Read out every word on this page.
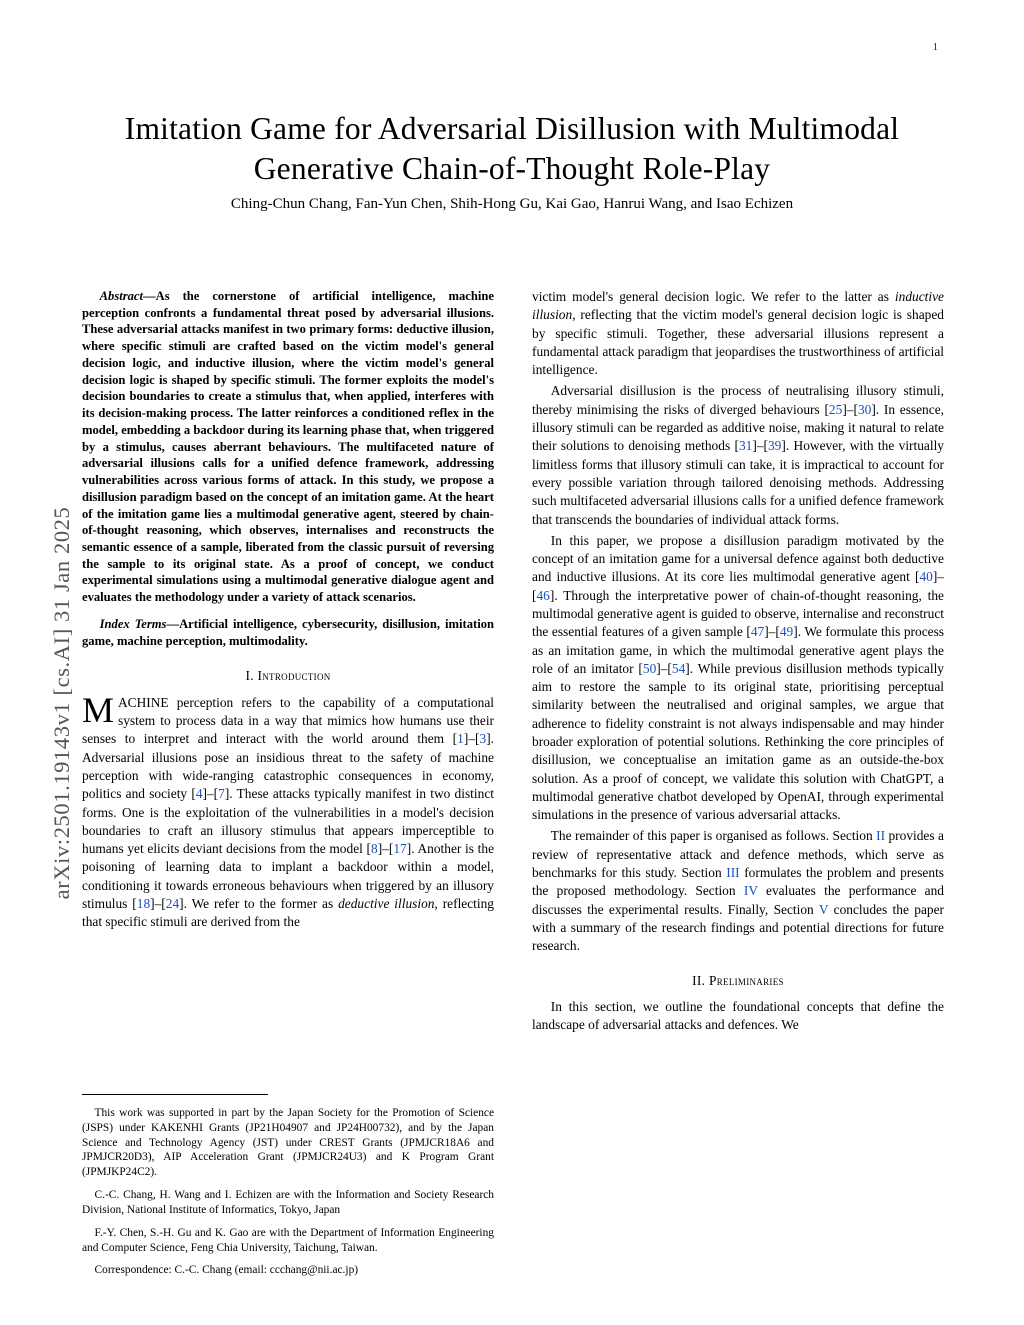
arXiv:2501.19143v1 [cs.AI] 31 Jan 2025
1
Imitation Game for Adversarial Disillusion with Multimodal Generative Chain-of-Thought Role-Play
Ching-Chun Chang, Fan-Yun Chen, Shih-Hong Gu, Kai Gao, Hanrui Wang, and Isao Echizen
Abstract—As the cornerstone of artificial intelligence, machine perception confronts a fundamental threat posed by adversarial illusions. These adversarial attacks manifest in two primary forms: deductive illusion, where specific stimuli are crafted based on the victim model's general decision logic, and inductive illusion, where the victim model's general decision logic is shaped by specific stimuli. The former exploits the model's decision boundaries to create a stimulus that, when applied, interferes with its decision-making process. The latter reinforces a conditioned reflex in the model, embedding a backdoor during its learning phase that, when triggered by a stimulus, causes aberrant behaviours. The multifaceted nature of adversarial illusions calls for a unified defence framework, addressing vulnerabilities across various forms of attack. In this study, we propose a disillusion paradigm based on the concept of an imitation game. At the heart of the imitation game lies a multimodal generative agent, steered by chain-of-thought reasoning, which observes, internalises and reconstructs the semantic essence of a sample, liberated from the classic pursuit of reversing the sample to its original state. As a proof of concept, we conduct experimental simulations using a multimodal generative dialogue agent and evaluates the methodology under a variety of attack scenarios.
Index Terms—Artificial intelligence, cybersecurity, disillusion, imitation game, machine perception, multimodality.
I. Introduction

MACHINE perception refers to the capability of a computational system to process data in a way that mimics how humans use their senses to interpret and interact with the world around them [1]–[3]. Adversarial illusions pose an insidious threat to the safety of machine perception with wide-ranging catastrophic consequences in economy, politics and society [4]–[7]. These attacks typically manifest in two distinct forms. One is the exploitation of the vulnerabilities in a model's decision boundaries to craft an illusory stimulus that appears imperceptible to humans yet elicits deviant decisions from the model [8]–[17]. Another is the poisoning of learning data to implant a backdoor within a model, conditioning it towards erroneous behaviours when triggered by an illusory stimulus [18]–[24]. We refer to the former as deductive illusion, reflecting that specific stimuli are derived from the

This work was supported in part by the Japan Society for the Promotion of Science (JSPS) under KAKENHI Grants (JP21H04907 and JP24H00732), and by the Japan Science and Technology Agency (JST) under CREST Grants (JPMJCR18A6 and JPMJCR20D3), AIP Acceleration Grant (JPMJCR24U3) and K Program Grant (JPMJKP24C2).

C.-C. Chang, H. Wang and I. Echizen are with the Information and Society Research Division, National Institute of Informatics, Tokyo, Japan

F.-Y. Chen, S.-H. Gu and K. Gao are with the Department of Information Engineering and Computer Science, Feng Chia University, Taichung, Taiwan.

Correspondence: C.-C. Chang (email: ccchang@nii.ac.jp)

victim model's general decision logic. We refer to the latter as inductive illusion, reflecting that the victim model's general decision logic is shaped by specific stimuli. Together, these adversarial illusions represent a fundamental attack paradigm that jeopardises the trustworthiness of artificial intelligence.

Adversarial disillusion is the process of neutralising illusory stimuli, thereby minimising the risks of diverged behaviours [25]–[30]. In essence, illusory stimuli can be regarded as additive noise, making it natural to relate their solutions to denoising methods [31]–[39]. However, with the virtually limitless forms that illusory stimuli can take, it is impractical to account for every possible variation through tailored denoising methods. Addressing such multifaceted adversarial illusions calls for a unified defence framework that transcends the boundaries of individual attack forms.

In this paper, we propose a disillusion paradigm motivated by the concept of an imitation game for a universal defence against both deductive and inductive illusions. At its core lies multimodal generative agent [40]–[46]. Through the interpretative power of chain-of-thought reasoning, the multimodal generative agent is guided to observe, internalise and reconstruct the essential features of a given sample [47]–[49]. We formulate this process as an imitation game, in which the multimodal generative agent plays the role of an imitator [50]–[54]. While previous disillusion methods typically aim to restore the sample to its original state, prioritising perceptual similarity between the neutralised and original samples, we argue that adherence to fidelity constraint is not always indispensable and may hinder broader exploration of potential solutions. Rethinking the core principles of disillusion, we conceptualise an imitation game as an outside-the-box solution. As a proof of concept, we validate this solution with ChatGPT, a multimodal generative chatbot developed by OpenAI, through experimental simulations in the presence of various adversarial attacks.

The remainder of this paper is organised as follows. Section II provides a review of representative attack and defence methods, which serve as benchmarks for this study. Section III formulates the problem and presents the proposed methodology. Section IV evaluates the performance and discusses the experimental results. Finally, Section V concludes the paper with a summary of the research findings and potential directions for future research.

II. Preliminaries

In this section, we outline the foundational concepts that define the landscape of adversarial attacks and defences. We
